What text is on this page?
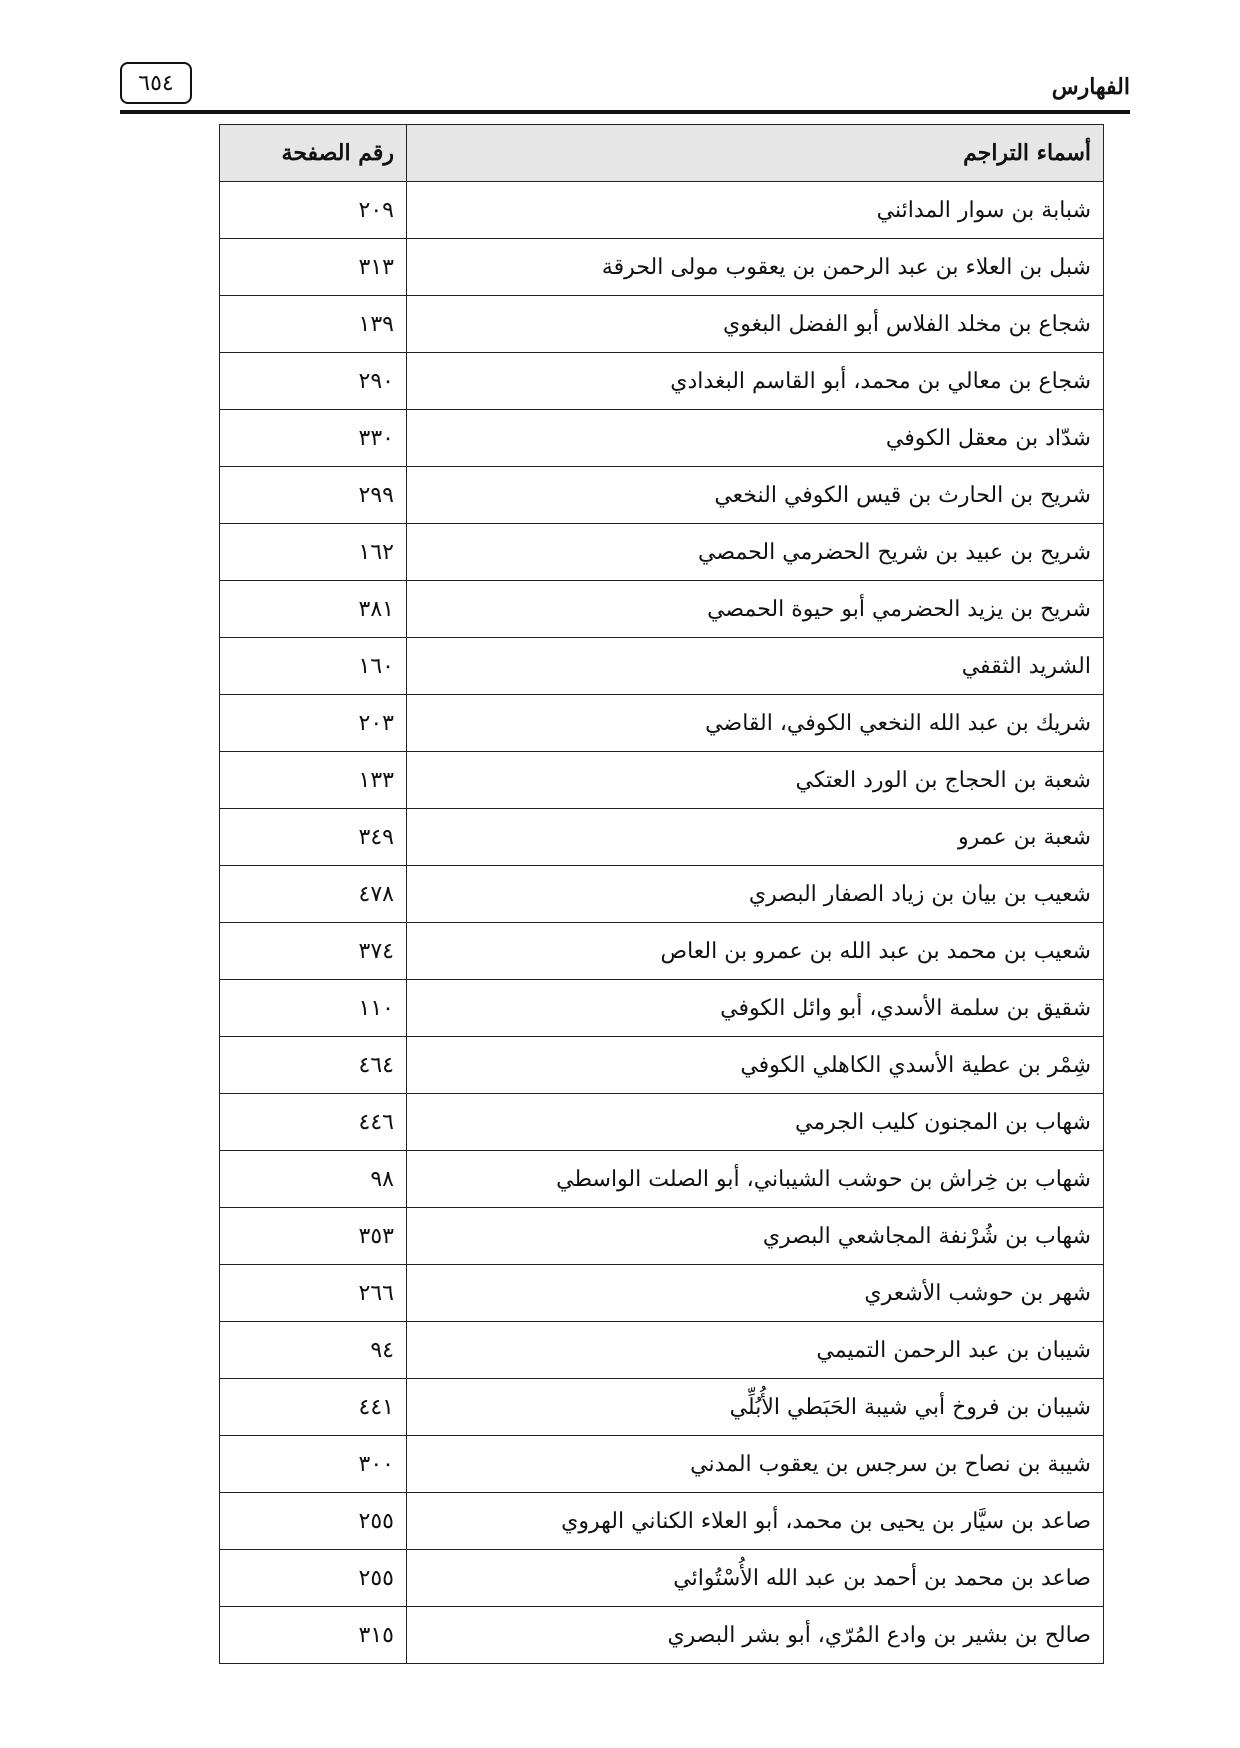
٦٥٤	الفهارس
أسماء التراجم	رقم الصفحة
شبابة بن سوار المدائني	٢٠٩
شبل بن العلاء بن عبد الرحمن بن يعقوب مولى الحرقة	٣١٣
شجاع بن مخلد الفلاس أبو الفضل البغوي	١٣٩
شجاع بن معالي بن محمد، أبو القاسم البغدادي	٢٩٠
شدّاد بن معقل الكوفي	٣٣٠
شريح بن الحارث بن قيس الكوفي النخعي	٢٩٩
شريح بن عبيد بن شريح الحضرمي الحمصي	١٦٢
شريح بن يزيد الحضرمي أبو حيوة الحمصي	٣٨١
الشريد الثقفي	١٦٠
شريك بن عبد الله النخعي الكوفي، القاضي	٢٠٣
شعبة بن الحجاج بن الورد العتكي	١٣٣
شعبة بن عمرو	٣٤٩
شعيب بن بيان بن زياد الصفار البصري	٤٧٨
شعيب بن محمد بن عبد الله بن عمرو بن العاص	٣٧٤
شقيق بن سلمة الأسدي، أبو وائل الكوفي	١١٠
شِمْر بن عطية الأسدي الكاهلي الكوفي	٤٦٤
شهاب بن المجنون كليب الجرمي	٤٤٦
شهاب بن خِراش بن حوشب الشيباني، أبو الصلت الواسطي	٩٨
شهاب بن شُرْنفة المجاشعي البصري	٣٥٣
شهر بن حوشب الأشعري	٢٦٦
شيبان بن عبد الرحمن التميمي	٩٤
شيبان بن فروخ أبي شيبة الحَبَطي الأُبُلِّي	٤٤١
شيبة بن نصاح بن سرجس بن يعقوب المدني	٣٠٠
صاعد بن سيَّار بن يحيى بن محمد، أبو العلاء الكناني الهروي	٢٥٥
صاعد بن محمد بن أحمد بن عبد الله الأُسْتُوائي	٢٥٥
صالح بن بشير بن وادع المُرّي، أبو بشر البصري	٣١٥
